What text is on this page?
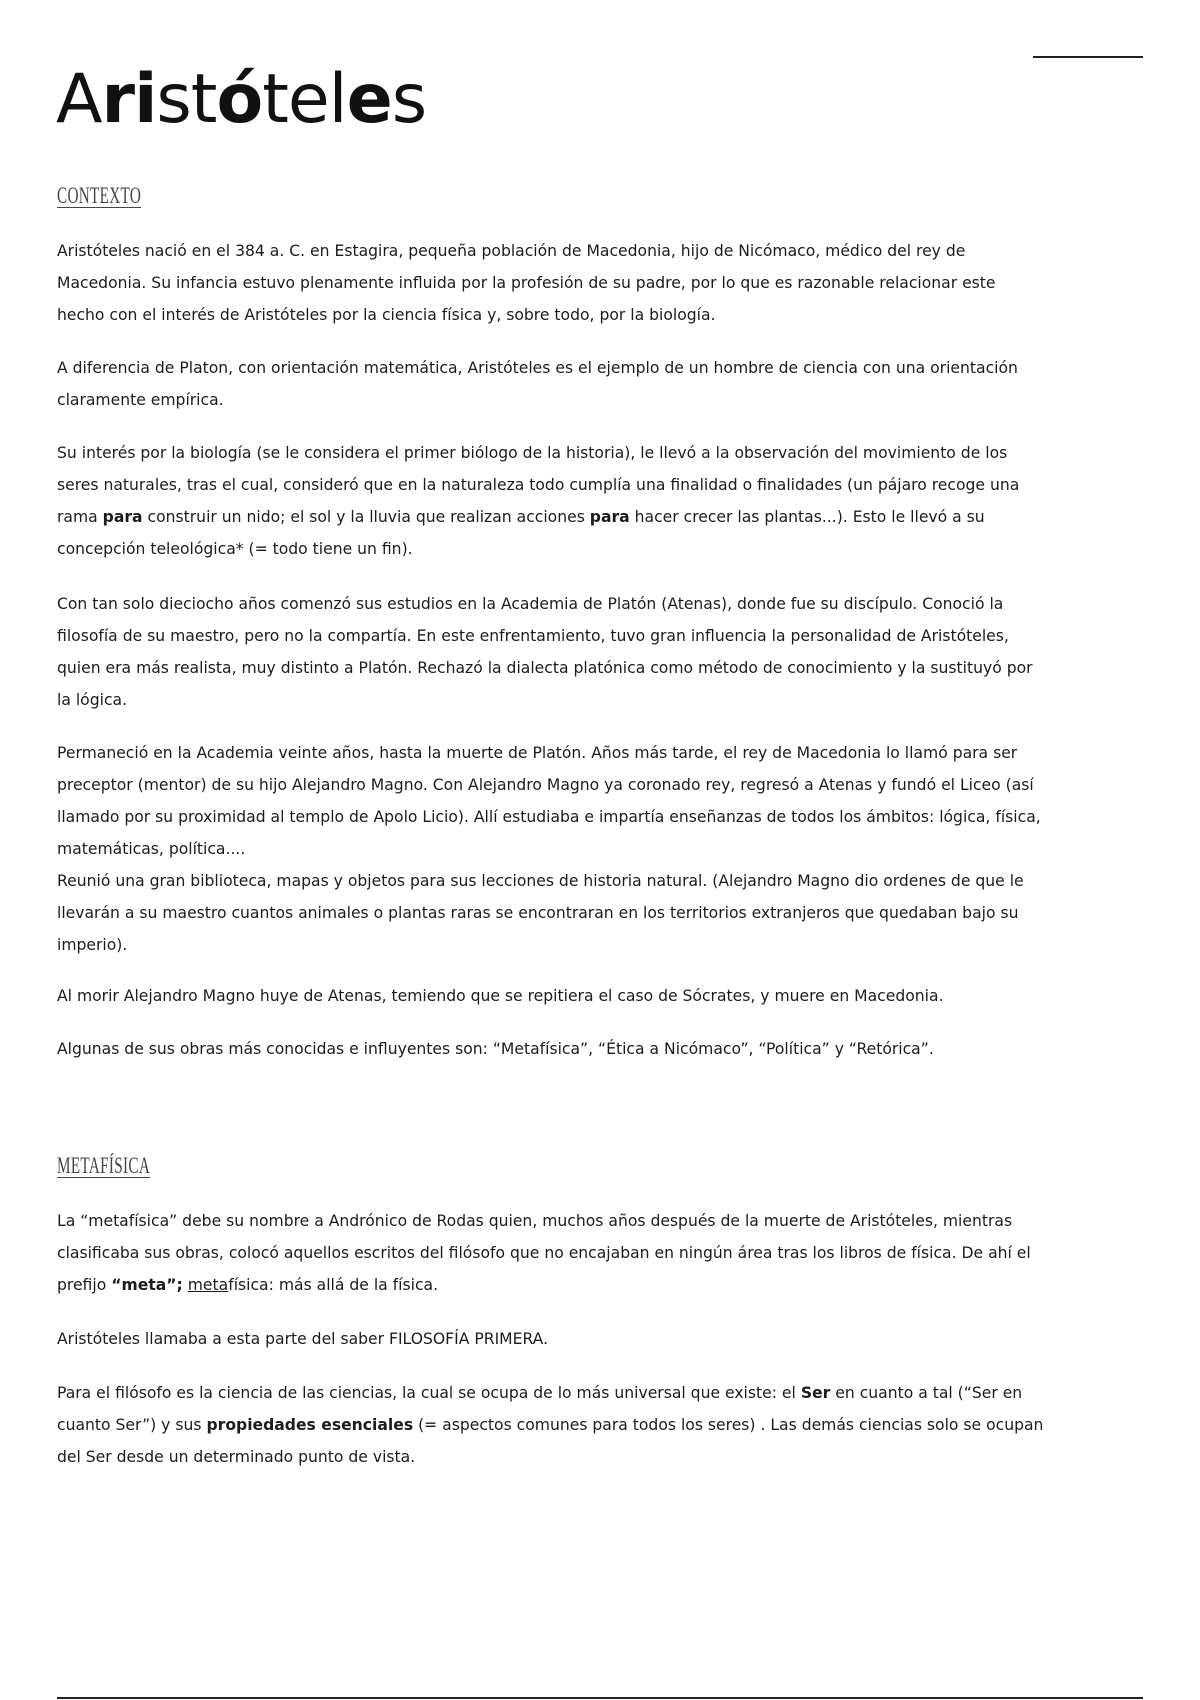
Aristóteles
CONTEXTO

Aristóteles nació en el 384 a. C. en Estagira, pequeña población de Macedonia, hijo de Nicómaco, médico del rey de Macedonia. Su infancia estuvo plenamente influida por la profesión de su padre, por lo que es razonable relacionar este hecho con el interés de Aristóteles por la ciencia física y, sobre todo, por la biología.

A diferencia de Platon, con orientación matemática, Aristóteles es el ejemplo de un hombre de ciencia con una orientación claramente empírica.

Su interés por la biología (se le considera el primer biólogo de la historia), le llevó a la observación del movimiento de los seres naturales, tras el cual, consideró que en la naturaleza todo cumplía una finalidad o finalidades (un pájaro recoge una rama para construir un nido; el sol y la lluvia que realizan acciones para hacer crecer las plantas...). Esto le llevó a su concepción teleológica* (= todo tiene un fin).

Con tan solo dieciocho años comenzó sus estudios en la Academia de Platón (Atenas), donde fue su discípulo. Conoció la filosofía de su maestro, pero no la compartía. En este enfrentamiento, tuvo gran influencia la personalidad de Aristóteles, quien era más realista, muy distinto a Platón. Rechazó la dialecta platónica como método de conocimiento y la sustituyó por la lógica.

Permaneció en la Academia veinte años, hasta la muerte de Platón. Años más tarde, el rey de Macedonia lo llamó para ser preceptor (mentor) de su hijo Alejandro Magno. Con Alejandro Magno ya coronado rey, regresó a Atenas y fundó el Liceo (así llamado por su proximidad al templo de Apolo Licio). Allí estudiaba e impartía enseñanzas de todos los ámbitos: lógica, física, matemáticas, política....
Reunió una gran biblioteca, mapas y objetos para sus lecciones de historia natural. (Alejandro Magno dio ordenes de que le llevarán a su maestro cuantos animales o plantas raras se encontraran en los territorios extranjeros que quedaban bajo su imperio).

Al morir Alejandro Magno huye de Atenas, temiendo que se repitiera el caso de Sócrates, y muere en Macedonia.

Algunas de sus obras más conocidas e influyentes son: “Metafísica”, “Ética a Nicómaco”, “Política” y “Retórica”.

METAFÍSICA

La “metafísica” debe su nombre a Andrónico de Rodas quien, muchos años después de la muerte de Aristóteles, mientras clasificaba sus obras, colocó aquellos escritos del filósofo que no encajaban en ningún área tras los libros de física. De ahí el prefijo “meta”; metafísica: más allá de la física.

Aristóteles llamaba a esta parte del saber FILOSOFÍA PRIMERA.

Para el filósofo es la ciencia de las ciencias, la cual se ocupa de lo más universal que existe: el Ser en cuanto a tal (“Ser en cuanto Ser”) y sus propiedades esenciales (= aspectos comunes para todos los seres) . Las demás ciencias solo se ocupan del Ser desde un determinado punto de vista.
